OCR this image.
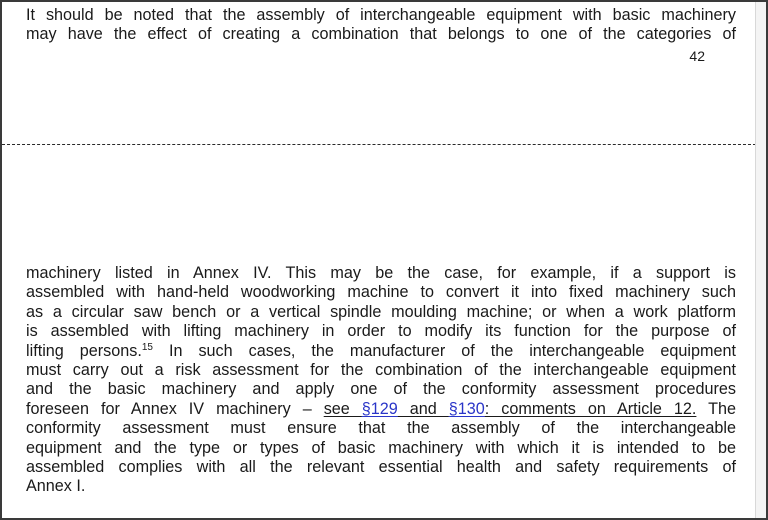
It should be noted that the assembly of interchangeable equipment with basic machinery
may have the effect of creating a combination that belongs to one of the categories of
42
machinery listed in Annex IV. This may be the case, for example, if a support is
assembled with hand-held woodworking machine to convert it into fixed machinery such
as a circular saw bench or a vertical spindle moulding machine; or when a work platform
is assembled with lifting machinery in order to modify its function for the purpose of
lifting persons.$^{15}$ In such cases, the manufacturer of the interchangeable equipment
must carry out a risk assessment for the combination of the interchangeable equipment
and the basic machinery and apply one of the conformity assessment procedures
foreseen for Annex IV machinery – see §129 and §130: comments on Article 12. The
conformity assessment must ensure that the assembly of the interchangeable
equipment and the type or types of basic machinery with which it is intended to be
assembled complies with all the relevant essential health and safety requirements of
Annex I.
